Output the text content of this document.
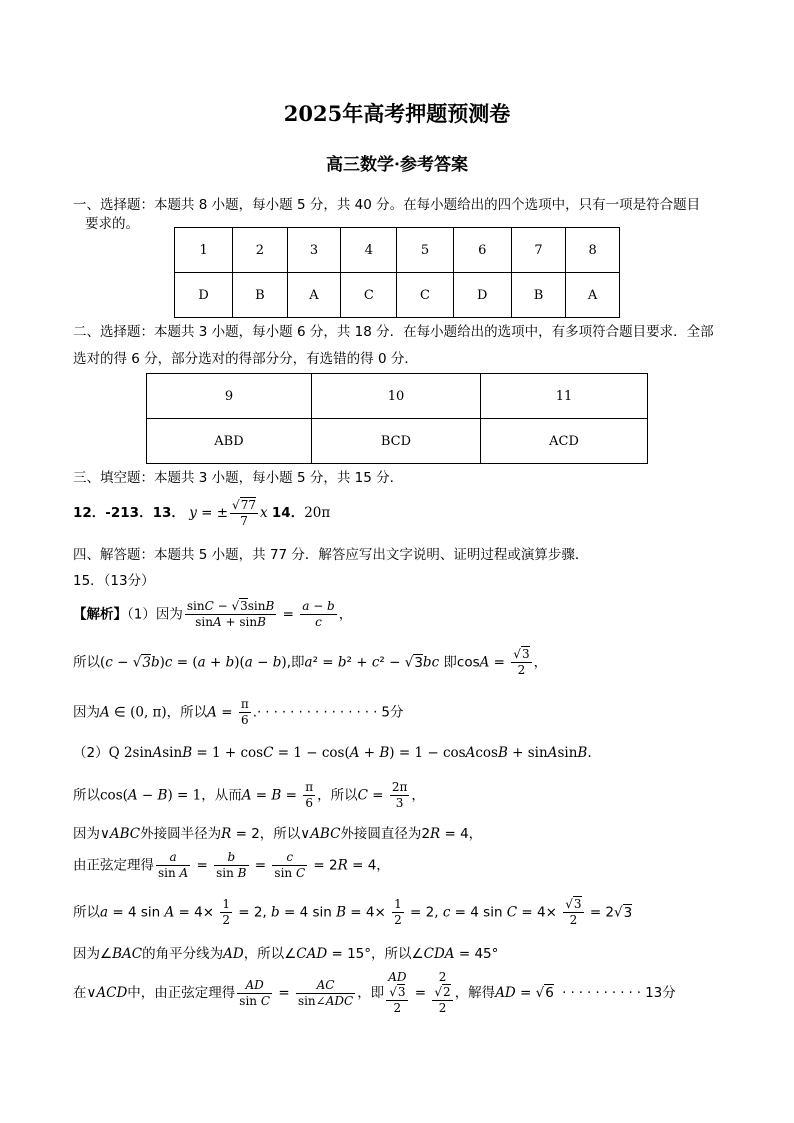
2025年高考押题预测卷
高三数学·参考答案
一、选择题：本题共 8 小题，每小题 5 分，共 40 分。在每小题给出的四个选项中，只有一项是符合题目
要求的。
1	2	3	4	5	6	7	8
D	B	A	C	C	D	B	A
二、选择题：本题共 3 小题，每小题 6 分，共 18 分．在每小题给出的选项中，有多项符合题目要求．全部
选对的得 6 分，部分选对的得部分分，有选错的得 0 分．
9	10	11
ABD	BCD	ACD
三、填空题：本题共 3 小题，每小题 5 分，共 15 分．
12．-213．13． y = ± $\frac{√77}{7}$ x 14．20π
四、解答题：本题共 5 小题，共 77 分．解答应写出文字说明、证明过程或演算步骤．
15．（13分）
【解析】（1）因为 $\frac{\sin C - √3\sin B}{\sin A + \sin B} = \frac{a - b}{c}$ ，
所以(c − √3b)c = (a + b)(a − b),即a² = b² + c² − √3bc 即$\cos A = \frac{√3}{2}$ ，
因为A ∈ (0, π)，所以$A = \frac{\pi}{6} .\cdot\cdot\cdot\cdot\cdot\cdot\cdot\cdot\cdot\cdot\cdot\cdot\cdot\cdot\cdot 5$分
（2）Q 2sinAsinB = 1 + cosC = 1 − cos(A + B) = 1 − cosAcosB + sinAsinB.
所以cos(A − B) = 1，从而$A = B = \frac{\pi}{6}$ ，所以$C = \frac{2\pi}{3}$ ，
因为∨ABC外接圆半径为R = 2，所以∨ABC外接圆直径为2R = 4，
由正弦定理得 $\frac{a}{\text{sin A}} = \frac{b}{\text{sin B}} = \frac{c}{\text{sin C}} = 2R = 4$，
所以a = 4 $\sin A = 4\times \frac{1}{2} = 2$, b = 4 $\sin B = 4\times \frac{1}{2} = 2$, c = 4 $\sin C = 4\times \frac{√3}{2} = 2√3$
因为∠BAC的角平分线为AD，所以∠CAD = 15°，所以∠CDA = 45°
在∨ACD中，由正弦定理得 $\frac{AD}{\text{sin C}} = \frac{AC}{\text{sin∠ADC}}$ ，即
AD
√3
2
=
2
√2
2
，解得AD = √6 ··········13分
